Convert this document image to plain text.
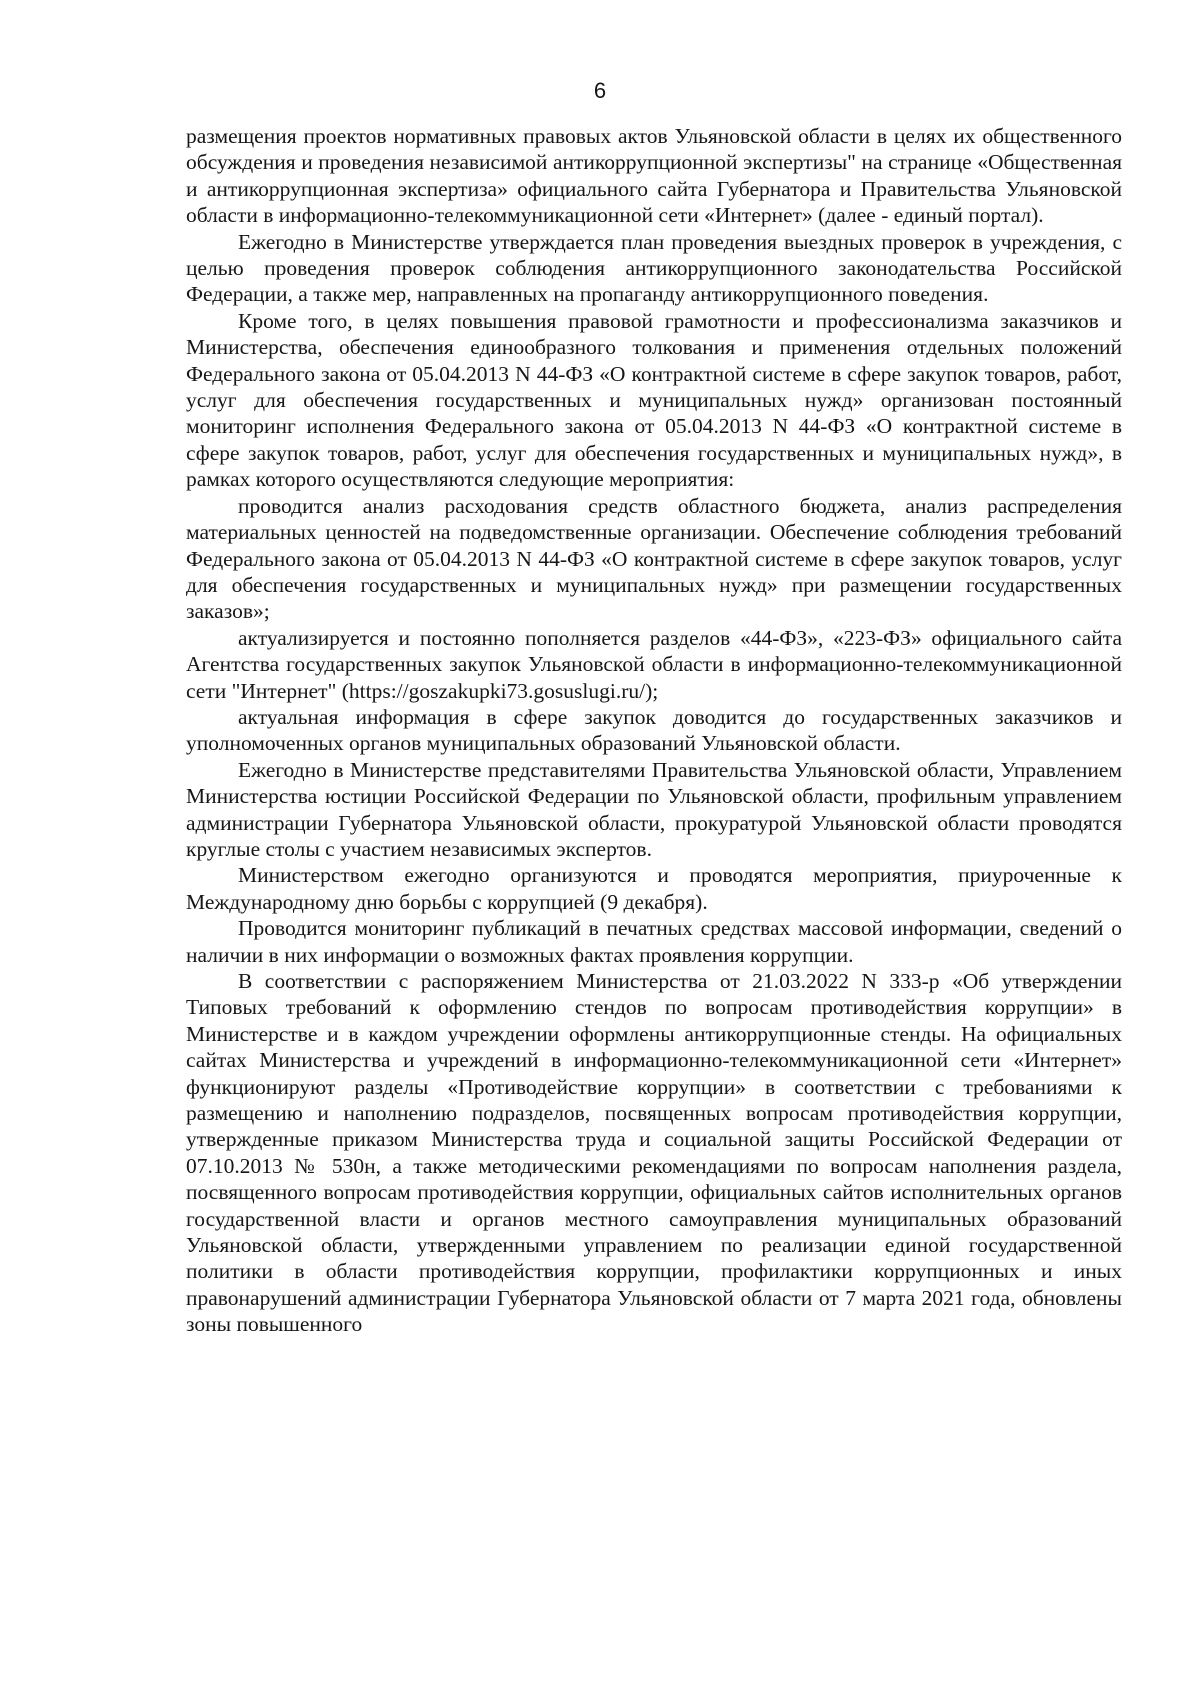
6

размещения проектов нормативных правовых актов Ульяновской области в целях их общественного обсуждения и проведения независимой антикоррупционной экспертизы" на странице «Общественная и антикоррупционная экспертиза» официального сайта Губернатора и Правительства Ульяновской области в информационно-телекоммуникационной сети «Интернет» (далее - единый портал).

Ежегодно в Министерстве утверждается план проведения выездных проверок в учреждения, с целью проведения проверок соблюдения антикоррупционного законодательства Российской Федерации, а также мер, направленных на пропаганду антикоррупционного поведения.

Кроме того, в целях повышения правовой грамотности и профессионализма заказчиков и Министерства, обеспечения единообразного толкования и применения отдельных положений Федерального закона от 05.04.2013 N 44-ФЗ «О контрактной системе в сфере закупок товаров, работ, услуг для обеспечения государственных и муниципальных нужд» организован постоянный мониторинг исполнения Федерального закона от 05.04.2013 N 44-ФЗ «О контрактной системе в сфере закупок товаров, работ, услуг для обеспечения государственных и муниципальных нужд», в рамках которого осуществляются следующие мероприятия:

проводится анализ расходования средств областного бюджета, анализ распределения материальных ценностей на подведомственные организации. Обеспечение соблюдения требований Федерального закона от 05.04.2013 N 44-ФЗ «О контрактной системе в сфере закупок товаров, услуг для обеспечения государственных и муниципальных нужд» при размещении государственных заказов»;

актуализируется и постоянно пополняется разделов «44-ФЗ», «223-ФЗ» официального сайта Агентства государственных закупок Ульяновской области в информационно-телекоммуникационной сети "Интернет" (https://goszakupki73.gosuslugi.ru/);

актуальная информация в сфере закупок доводится до государственных заказчиков и уполномоченных органов муниципальных образований Ульяновской области.

Ежегодно в Министерстве представителями Правительства Ульяновской области, Управлением Министерства юстиции Российской Федерации по Ульяновской области, профильным управлением администрации Губернатора Ульяновской области, прокуратурой Ульяновской области проводятся круглые столы с участием независимых экспертов.

Министерством ежегодно организуются и проводятся мероприятия, приуроченные к Международному дню борьбы с коррупцией (9 декабря).

Проводится мониторинг публикаций в печатных средствах массовой информации, сведений о наличии в них информации о возможных фактах проявления коррупции.

В соответствии с распоряжением Министерства от 21.03.2022 N 333-р «Об утверждении Типовых требований к оформлению стендов по вопросам противодействия коррупции» в Министерстве и в каждом учреждении оформлены антикоррупционные стенды. На официальных сайтах Министерства и учреждений в информационно-телекоммуникационной сети «Интернет» функционируют разделы «Противодействие коррупции» в соответствии с требованиями к размещению и наполнению подразделов, посвященных вопросам противодействия коррупции, утвержденные приказом Министерства труда и социальной защиты Российской Федерации от 07.10.2013 № 530н, а также методическими рекомендациями по вопросам наполнения раздела, посвященного вопросам противодействия коррупции, официальных сайтов исполнительных органов государственной власти и органов местного самоуправления муниципальных образований Ульяновской области, утвержденными управлением по реализации единой государственной политики в области противодействия коррупции, профилактики коррупционных и иных правонарушений администрации Губернатора Ульяновской области от 7 марта 2021 года, обновлены зоны повышенного
